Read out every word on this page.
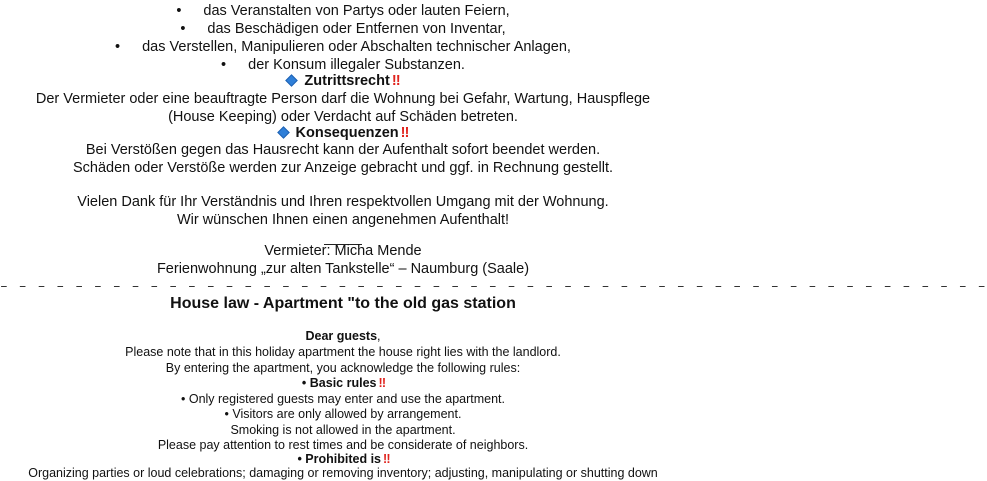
• das Veranstalten von Partys oder lauten Feiern,
• das Beschädigen oder Entfernen von Inventar,
• das Verstellen, Manipulieren oder Abschalten technischer Anlagen,
• der Konsum illegaler Substanzen.
Zutrittsrecht ‼
Der Vermieter oder eine beauftragte Person darf die Wohnung bei Gefahr, Wartung, Hauspflege
(House Keeping) oder Verdacht auf Schäden betreten.
Konsequenzen ‼
Bei Verstößen gegen das Hausrecht kann der Aufenthalt sofort beendet werden.
Schäden oder Verstöße werden zur Anzeige gebracht und ggf. in Rechnung gestellt.
Vielen Dank für Ihr Verständnis und Ihren respektvollen Umgang mit der Wohnung.
Wir wünschen Ihnen einen angenehmen Aufenthalt!
Vermieter: Micha Mende
Ferienwohnung „zur alten Tankstelle“ – Naumburg (Saale)
– – – – – – – – – – – – – – – – – – – – – – – – – – – – – – – – – – – – – – – – – – – – – – – – – – – – –
House law - Apartment "to the old gas station
Dear guests,
Please note that in this holiday apartment the house right lies with the landlord.
By entering the apartment, you acknowledge the following rules:
• Basic rules ‼
• Only registered guests may enter and use the apartment.
• Visitors are only allowed by arrangement.
Smoking is not allowed in the apartment.
Please pay attention to rest times and be considerate of neighbors.
• Prohibited is ‼
Organizing parties or loud celebrations; damaging or removing inventory; adjusting, manipulating or shutting down
